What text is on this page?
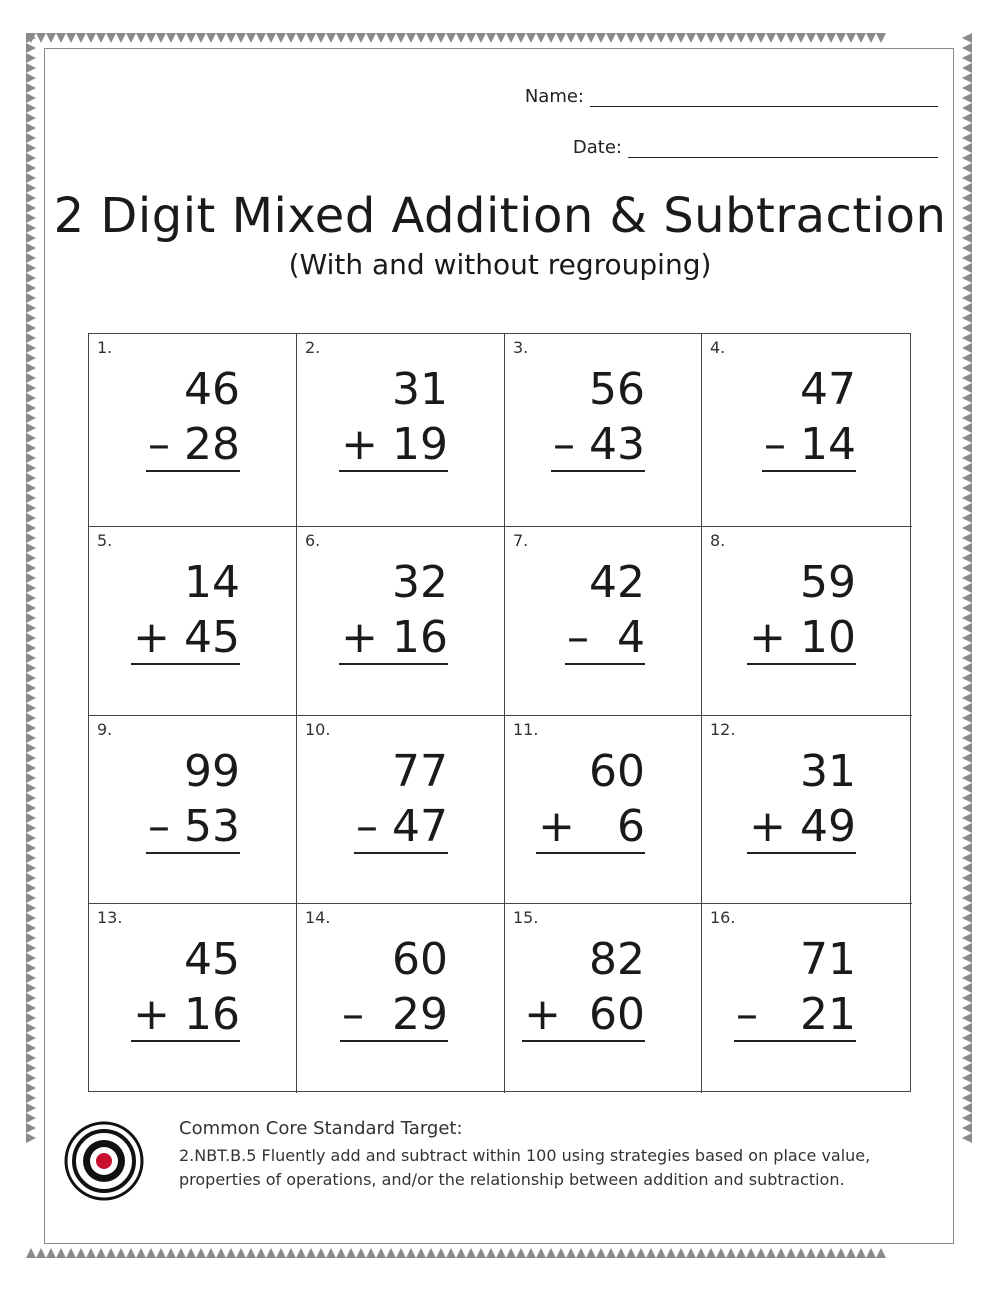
Name:
Date:
2 Digit Mixed Addition & Subtraction
(With and without regrouping)
1.
46
– 28
2.
31
+ 19
3.
56
– 43
4.
47
– 14
5.
14
+ 45
6.
32
+ 16
7.
42
–  4
8.
59
+ 10
9.
99
– 53
10.
77
– 47
11.
60
+   6
12.
31
+ 49
13.
45
+ 16
14.
60
–  29
15.
82
+  60
16.
71
–   21
Common Core Standard Target:
2.NBT.B.5 Fluently add and subtract within 100 using strategies based on place value, properties of operations, and/or the relationship between addition and subtraction.
